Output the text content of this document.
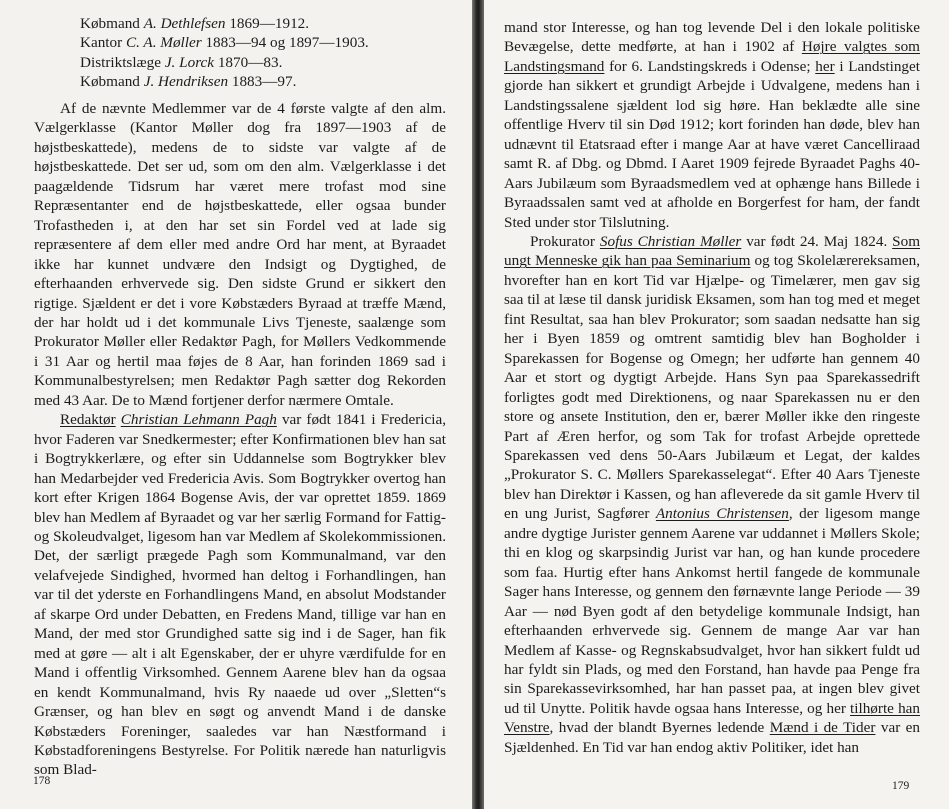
Købmand A. Dethlefsen 1869—1912.
Kantor C. A. Møller 1883—94 og 1897—1903.
Distriktslæge J. Lorck 1870—83.
Købmand J. Hendriksen 1883—97.

Af de nævnte Medlemmer var de 4 første valgte af den alm. Vælgerklasse (Kantor Møller dog fra 1897—1903 af de højstbeskattede), medens de to sidste var valgte af de højstbeskattede. Det ser ud, som om den alm. Vælgerklasse i det paagældende Tidsrum har været mere trofast mod sine Repræsentanter end de højstbeskattede, eller ogsaa bunder Trofastheden i, at den har set sin Fordel ved at lade sig repræsentere af dem eller med andre Ord har ment, at Byraadet ikke har kunnet undvære den Indsigt og Dygtighed, de efterhaanden erhvervede sig. Den sidste Grund er sikkert den rigtige. Sjældent er det i vore Købstæders Byraad at træffe Mænd, der har holdt ud i det kommunale Livs Tjeneste, saalænge som Prokurator Møller eller Redaktør Pagh, for Møllers Vedkommende i 31 Aar og hertil maa føjes de 8 Aar, han forinden 1869 sad i Kommunalbestyrelsen; men Redaktør Pagh sætter dog Rekorden med 43 Aar. De to Mænd fortjener derfor nærmere Omtale.

Redaktør Christian Lehmann Pagh var født 1841 i Fredericia, hvor Faderen var Snedkermester; efter Konfirmationen blev han sat i Bogtrykkerlære, og efter sin Uddannelse som Bogtrykker blev han Medarbejder ved Fredericia Avis. Som Bogtrykker overtog han kort efter Krigen 1864 Bogense Avis, der var oprettet 1859. 1869 blev han Medlem af Byraadet og var her særlig Formand for Fattig- og Skoleudvalget, ligesom han var Medlem af Skolekommissionen. Det, der særligt prægede Pagh som Kommunalmand, var den velafvejede Sindighed, hvormed han deltog i Forhandlingen, han var til det yderste en Forhandlingens Mand, en absolut Modstander af skarpe Ord under Debatten, en Fredens Mand, tillige var han en Mand, der med stor Grundighed satte sig ind i de Sager, han fik med at gøre — alt i alt Egenskaber, der er uhyre værdifulde for en Mand i offentlig Virksomhed. Gennem Aarene blev han da ogsaa en kendt Kommunalmand, hvis Ry naaede ud over „Sletten“s Grænser, og han blev en søgt og anvendt Mand i de danske Købstæders Foreninger, saaledes var han Næstformand i Købstadforeningens Bestyrelse. For Politik nærede han naturligvis som Blad-

178

mand stor Interesse, og han tog levende Del i den lokale politiske Bevægelse, dette medførte, at han i 1902 af Højre valgtes som Landstingsmand for 6. Landstingskreds i Odense; her i Landstinget gjorde han sikkert et grundigt Arbejde i Udvalgene, medens han i Landstingssalene sjældent lod sig høre. Han beklædte alle sine offentlige Hverv til sin Død 1912; kort forinden han døde, blev han udnævnt til Etatsraad efter i mange Aar at have været Cancelliraad samt R. af Dbg. og Dbmd. I Aaret 1909 fejrede Byraadet Paghs 40-Aars Jubilæum som Byraadsmedlem ved at ophænge hans Billede i Byraadssalen samt ved at afholde en Borgerfest for ham, der fandt Sted under stor Tilslutning.

Prokurator Sofus Christian Møller var født 24. Maj 1824. Som ungt Menneske gik han paa Seminarium og tog Skolelærereksamen, hvorefter han en kort Tid var Hjælpe- og Timelærer, men gav sig saa til at læse til dansk juridisk Eksamen, som han tog med et meget fint Resultat, saa han blev Prokurator; som saadan nedsatte han sig her i Byen 1859 og omtrent samtidig blev han Bogholder i Sparekassen for Bogense og Omegn; her udførte han gennem 40 Aar et stort og dygtigt Arbejde. Hans Syn paa Sparekassedrift forligtes godt med Direktionens, og naar Sparekassen nu er den store og ansete Institution, den er, bærer Møller ikke den ringeste Part af Æren herfor, og som Tak for trofast Arbejde oprettede Sparekassen ved dens 50-Aars Jubilæum et Legat, der kaldes „Prokurator S. C. Møllers Sparekasselegat“. Efter 40 Aars Tjeneste blev han Direktør i Kassen, og han afleverede da sit gamle Hverv til en ung Jurist, Sagfører Antonius Christensen, der ligesom mange andre dygtige Jurister gennem Aarene var uddannet i Møllers Skole; thi en klog og skarpsindig Jurist var han, og han kunde procedere som faa. Hurtig efter hans Ankomst hertil fangede de kommunale Sager hans Interesse, og gennem den førnævnte lange Periode — 39 Aar — nød Byen godt af den betydelige kommunale Indsigt, han efterhaanden erhvervede sig. Gennem de mange Aar var han Medlem af Kasse- og Regnskabsudvalget, hvor han sikkert fuldt ud har fyldt sin Plads, og med den Forstand, han havde paa Penge fra sin Sparekassevirksomhed, har han passet paa, at ingen blev givet ud til Unytte. Politik havde ogsaa hans Interesse, og her tilhørte han Venstre, hvad der blandt Byernes ledende Mænd i de Tider var en Sjældenhed. En Tid var han endog aktiv Politiker, idet han

179
